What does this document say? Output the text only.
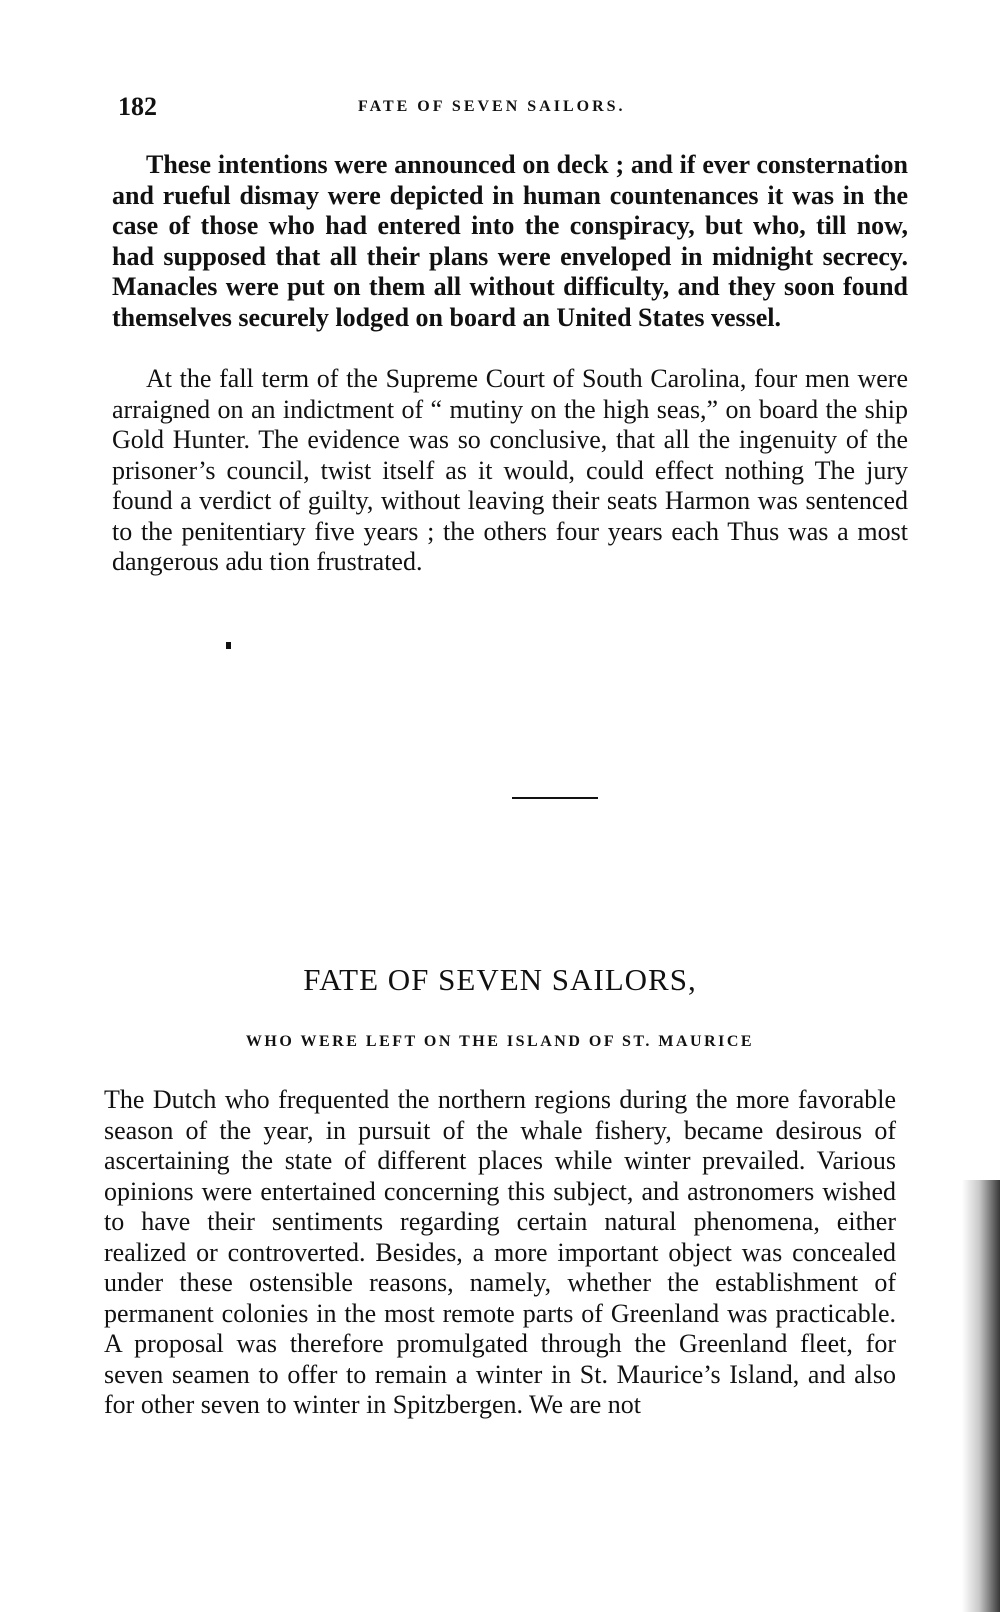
182	FATE OF SEVEN SAILORS.

These intentions were announced on deck ; and if ever consternation and rueful dismay were depicted in human countenances it was in the case of those who had entered into the conspiracy, but who, till now, had supposed that all their plans were enveloped in midnight secrecy. Manacles were put on them all without difficulty, and they soon found themselves securely lodged on board an United States vessel.

At the fall term of the Supreme Court of South Carolina, four men were arraigned on an indictment of “ mutiny on the high seas,” on board the ship Gold Hunter. The evidence was so conclusive, that all the ingenuity of the prisoner’s council, twist itself as it would, could effect nothing The jury found a verdict of guilty, without leaving their seats Harmon was sentenced to the penitentiary five years ; the others four years each Thus was a most dangerous adu tion frustrated.

FATE OF SEVEN SAILORS,
WHO WERE LEFT ON THE ISLAND OF ST. MAURICE

The Dutch who frequented the northern regions during the more favorable season of the year, in pursuit of the whale fishery, became desirous of ascertaining the state of different places while winter prevailed. Various opinions were entertained concerning this subject, and astronomers wished to have their sentiments regarding certain natural phenomena, either realized or controverted. Besides, a more important object was concealed under these ostensible reasons, namely, whether the establishment of permanent colonies in the most remote parts of Greenland was practicable. A proposal was therefore promulgated through the Greenland fleet, for seven seamen to offer to remain a winter in St. Maurice’s Island, and also for other seven to winter in Spitzbergen. We are not
